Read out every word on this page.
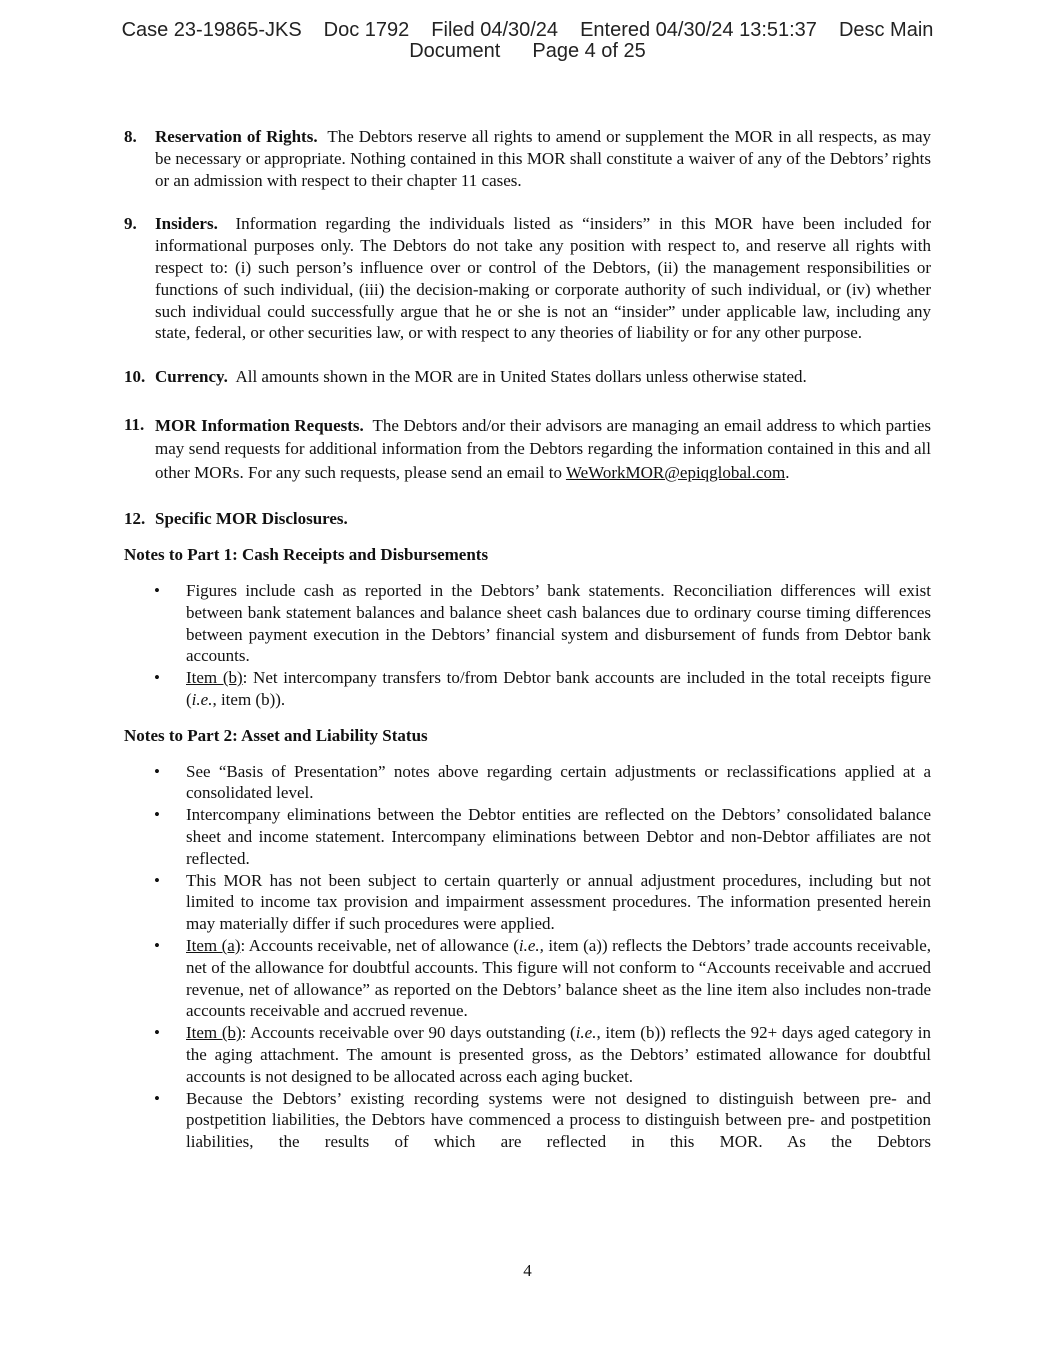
Case 23-19865-JKS Doc 1792 Filed 04/30/24 Entered 04/30/24 13:51:37 Desc Main
Document Page 4 of 25
8.	Reservation of Rights. The Debtors reserve all rights to amend or supplement the MOR in all respects, as may be necessary or appropriate. Nothing contained in this MOR shall constitute a waiver of any of the Debtors’ rights or an admission with respect to their chapter 11 cases.
9.	Insiders. Information regarding the individuals listed as “insiders” in this MOR have been included for informational purposes only. The Debtors do not take any position with respect to, and reserve all rights with respect to: (i) such person’s influence over or control of the Debtors, (ii) the management responsibilities or functions of such individual, (iii) the decision-making or corporate authority of such individual, or (iv) whether such individual could successfully argue that he or she is not an “insider” under applicable law, including any state, federal, or other securities law, or with respect to any theories of liability or for any other purpose.
10. Currency. All amounts shown in the MOR are in United States dollars unless otherwise stated.
11. MOR Information Requests. The Debtors and/or their advisors are managing an email address to which parties may send requests for additional information from the Debtors regarding the information contained in this and all other MORs. For any such requests, please send an email to WeWorkMOR@epiqglobal.com.
12. Specific MOR Disclosures.
Notes to Part 1: Cash Receipts and Disbursements
•	Figures include cash as reported in the Debtors’ bank statements. Reconciliation differences will exist between bank statement balances and balance sheet cash balances due to ordinary course timing differences between payment execution in the Debtors’ financial system and disbursement of funds from Debtor bank accounts.
•	Item (b): Net intercompany transfers to/from Debtor bank accounts are included in the total receipts figure (i.e., item (b)).
Notes to Part 2: Asset and Liability Status
•	See “Basis of Presentation” notes above regarding certain adjustments or reclassifications applied at a consolidated level.
•	Intercompany eliminations between the Debtor entities are reflected on the Debtors’ consolidated balance sheet and income statement. Intercompany eliminations between Debtor and non-Debtor affiliates are not reflected.
•	This MOR has not been subject to certain quarterly or annual adjustment procedures, including but not limited to income tax provision and impairment assessment procedures. The information presented herein may materially differ if such procedures were applied.
•	Item (a): Accounts receivable, net of allowance (i.e., item (a)) reflects the Debtors’ trade accounts receivable, net of the allowance for doubtful accounts. This figure will not conform to “Accounts receivable and accrued revenue, net of allowance” as reported on the Debtors’ balance sheet as the line item also includes non-trade accounts receivable and accrued revenue.
•	Item (b): Accounts receivable over 90 days outstanding (i.e., item (b)) reflects the 92+ days aged category in the aging attachment. The amount is presented gross, as the Debtors’ estimated allowance for doubtful accounts is not designed to be allocated across each aging bucket.
•	Because the Debtors’ existing recording systems were not designed to distinguish between pre- and postpetition liabilities, the Debtors have commenced a process to distinguish between pre- and postpetition liabilities, the results of which are reflected in this MOR. As the Debtors
4
